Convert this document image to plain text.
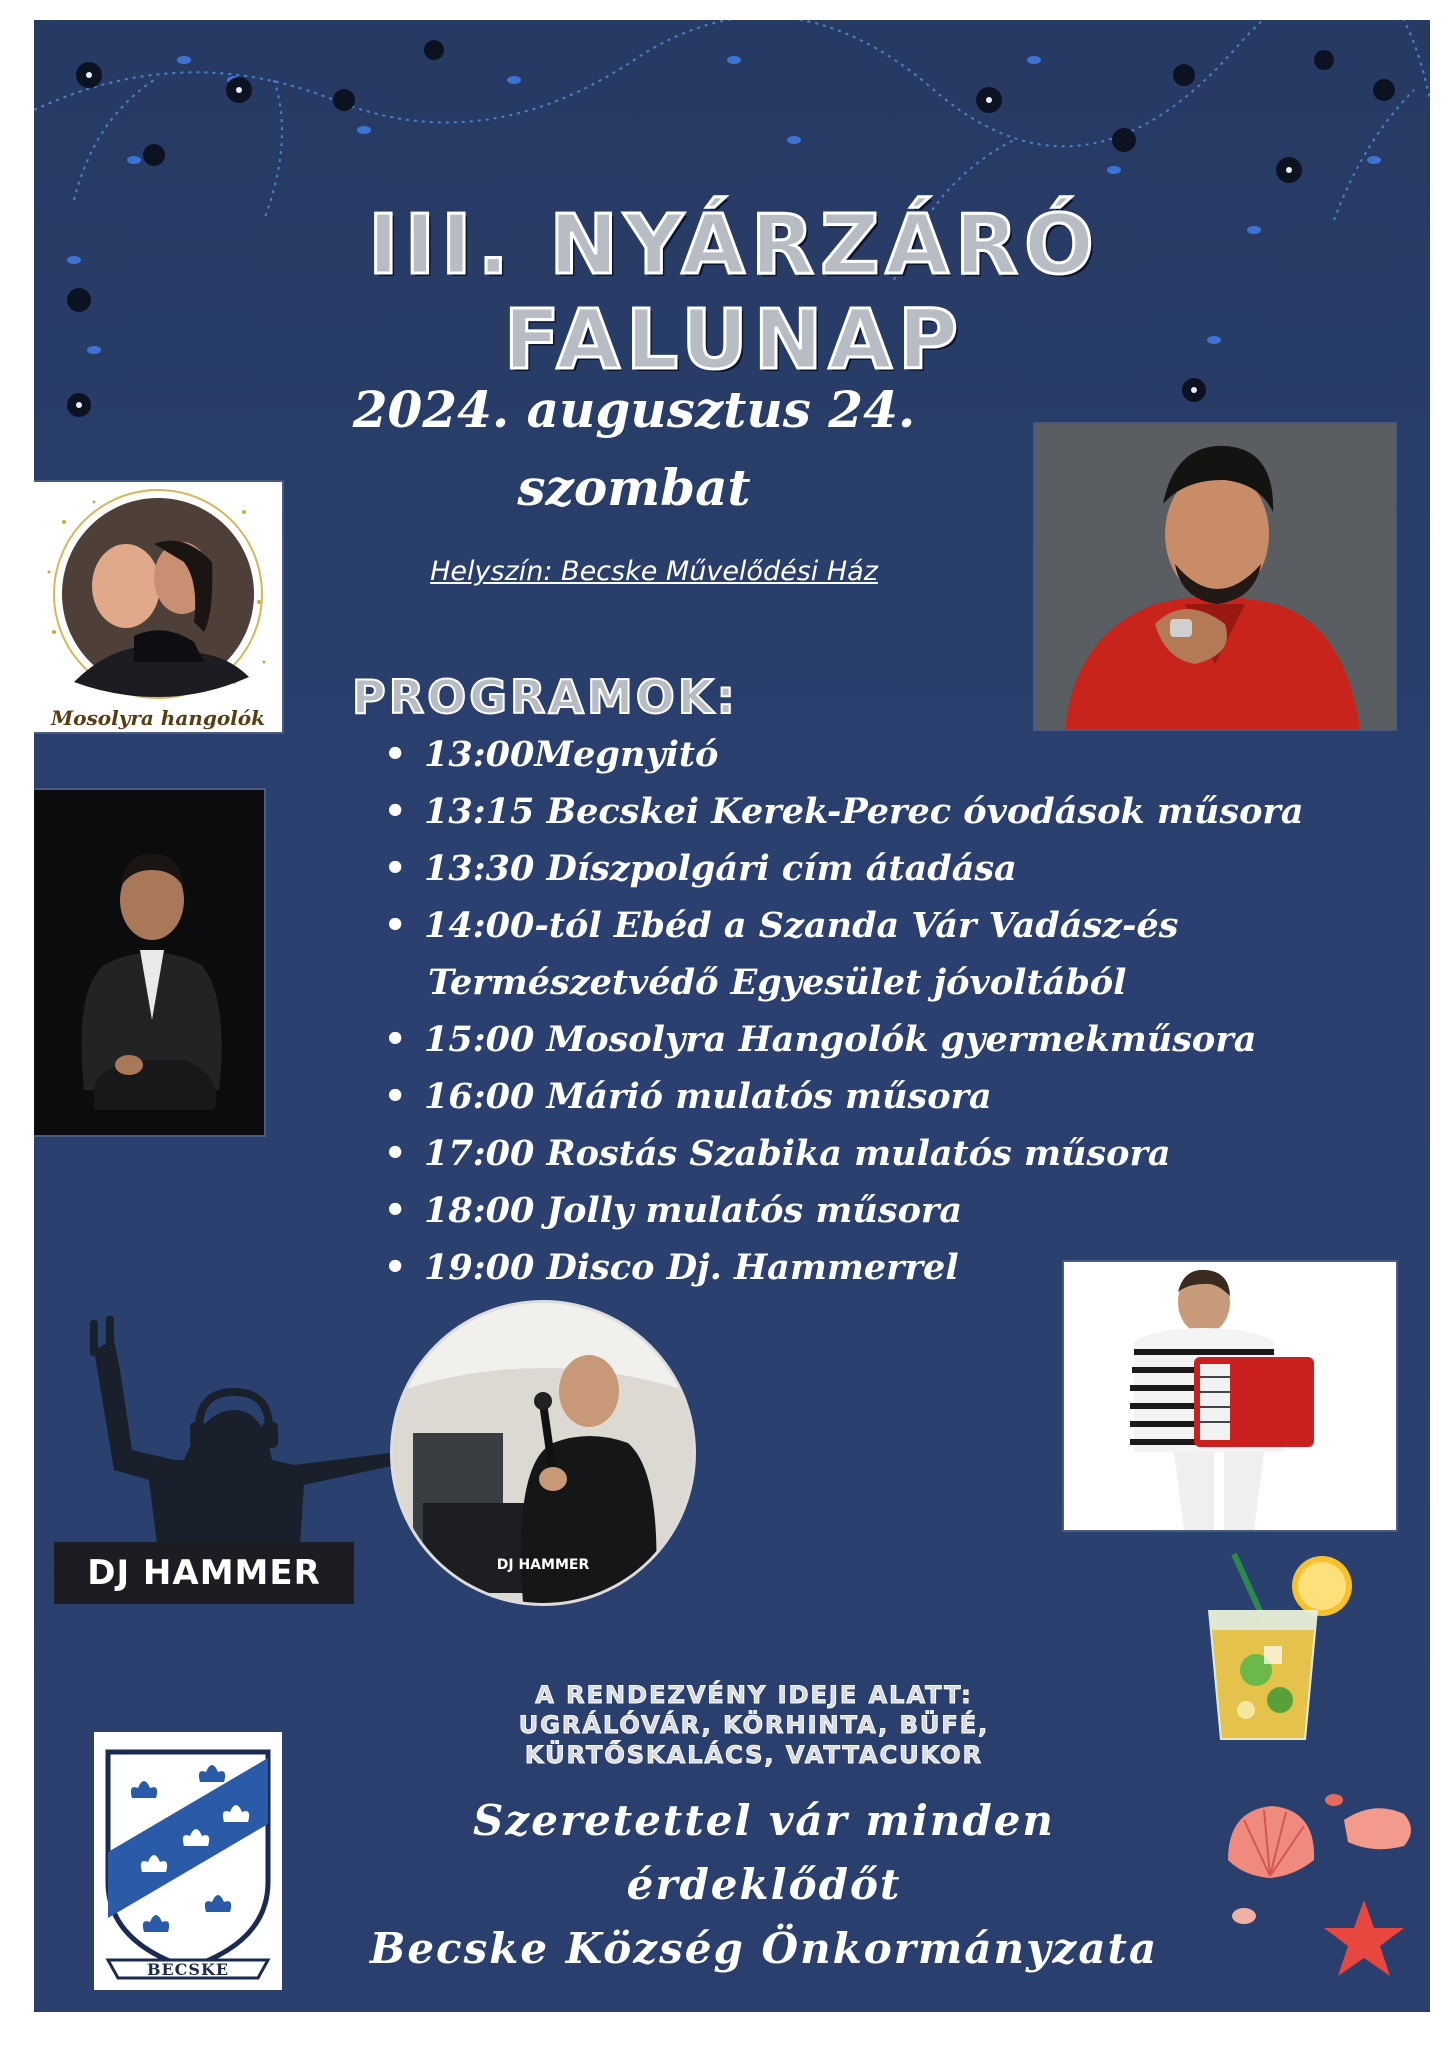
III. NYÁRZÁRÓ FALUNAP
2024. augusztus 24.
szombat
Helyszín: Becske Művelődési Ház
Mosolyra hangolók
DJ HAMMER	DJ HAMMER
BECSKE
PROGRAMOK:
• 13:00Megnyitó
• 13:15 Becskei Kerek-Perec óvodások műsora
• 13:30 Díszpolgári cím átadása
• 14:00-tól Ebéd a Szanda Vár Vadász-és
Természetvédő Egyesület jóvoltából
• 15:00 Mosolyra Hangolók gyermekműsora
• 16:00 Márió mulatós műsora
• 17:00 Rostás Szabika mulatós műsora
• 18:00 Jolly mulatós műsora
• 19:00 Disco Dj. Hammerrel
A RENDEZVÉNY IDEJE ALATT:
UGRÁLÓVÁR, KÖRHINTA, BÜFÉ,
KÜRTŐSKALÁCS, VATTACUKOR
Szeretettel vár minden
érdeklődőt
Becske Község Önkormányzata
